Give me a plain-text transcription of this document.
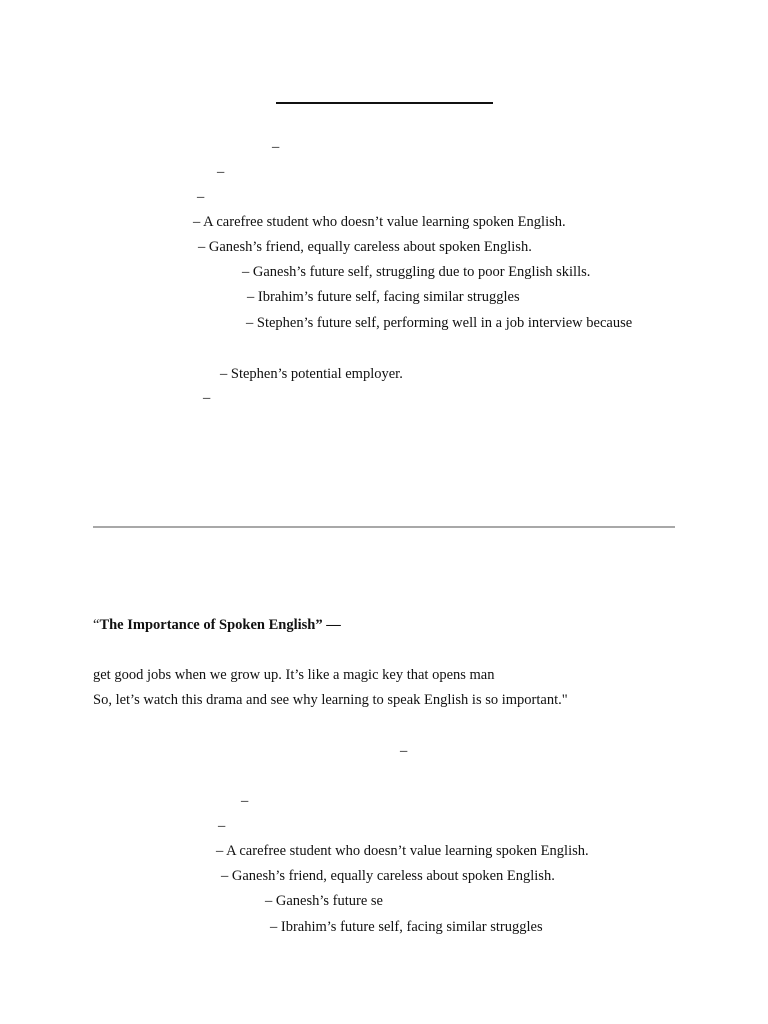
–
–
–
– A carefree student who doesn’t value learning spoken English.
– Ganesh’s friend, equally careless about spoken English.
– Ganesh’s future self, struggling due to poor English skills.
– Ibrahim’s future self, facing similar struggles
– Stephen’s future self, performing well in a job interview because
– Stephen’s potential employer.
–
“The Importance of Spoken English” —
get good jobs when we grow up. It’s like a magic key that opens man
So, let’s watch this drama and see why learning to speak English is so important."
–
–
–
– A carefree student who doesn’t value learning spoken English.
– Ganesh’s friend, equally careless about spoken English.
– Ganesh’s future se
– Ibrahim’s future self, facing similar struggles
